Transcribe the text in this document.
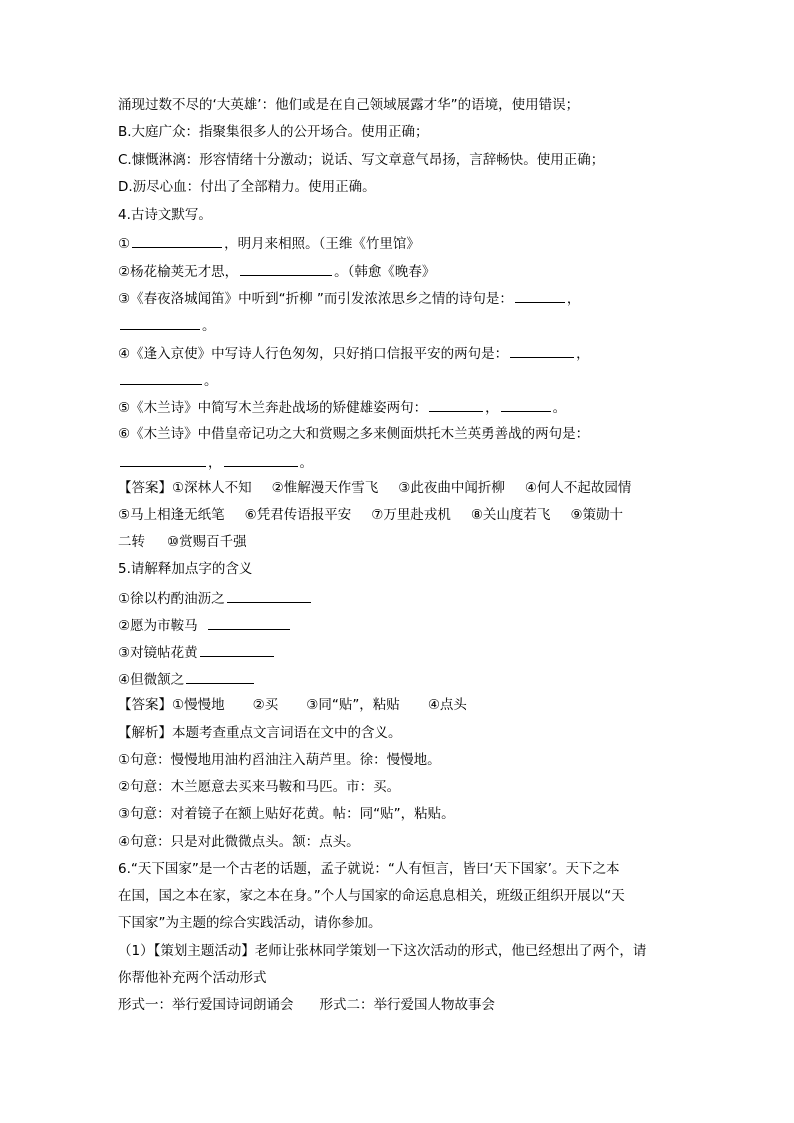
涌现过数不尽的‘大英雄’：他们或是在自己领域展露才华”的语境，使用错误；
B.大庭广众：指聚集很多人的公开场合。使用正确；
C.慷慨淋漓：形容情绪十分激动；说话、写文章意气昂扬，言辞畅快。使用正确；
D.沥尽心血：付出了全部精力。使用正确。
4.古诗文默写。
①	，明月来相照。（王维《竹里馆》
②杨花榆荚无才思，	。（韩愈《晚春》
③《春夜洛城闻笛》中听到“折柳 ”而引发浓浓思乡之情的诗句是：	，
。
④《逢入京使》中写诗人行色匆匆，只好捎口信报平安的两句是：	，
。
⑤《木兰诗》中简写木兰奔赴战场的矫健雄姿两句：	，	。
⑥《木兰诗》中借皇帝记功之大和赏赐之多来侧面烘托木兰英勇善战的两句是：
，	。
【答案】①深林人不知 ②惟解漫天作雪飞 ③此夜曲中闻折柳 ④何人不起故园情
⑤马上相逢无纸笔 ⑥凭君传语报平安 ⑦万里赴戎机 ⑧关山度若飞 ⑨策勋十
二转 ⑩赏赐百千强
5.请解释加点字的含义
①徐以杓酌油沥之
②愿为市鞍马
③对镜帖花黄
④但微颔之
【答案】①慢慢地 ②买 ③同“贴”，粘贴 ④点头
【解析】本题考查重点文言词语在文中的含义。
①句意：慢慢地用油杓舀油注入葫芦里。徐：慢慢地。
②句意：木兰愿意去买来马鞍和马匹。市：买。
③句意：对着镜子在额上贴好花黄。帖：同“贴”，粘贴。
④句意：只是对此微微点头。颔：点头。
6.“天下国家”是一个古老的话题，孟子就说：“人有恒言，皆曰‘天下国家’。天下之本
在国，国之本在家，家之本在身。”个人与国家的命运息息相关，班级正组织开展以“天
下国家”为主题的综合实践活动，请你参加。
（1）【策划主题活动】老师让张林同学策划一下这次活动的形式，他已经想出了两个，请
你帮他补充两个活动形式
形式一：举行爱国诗词朗诵会 形式二：举行爱国人物故事会
